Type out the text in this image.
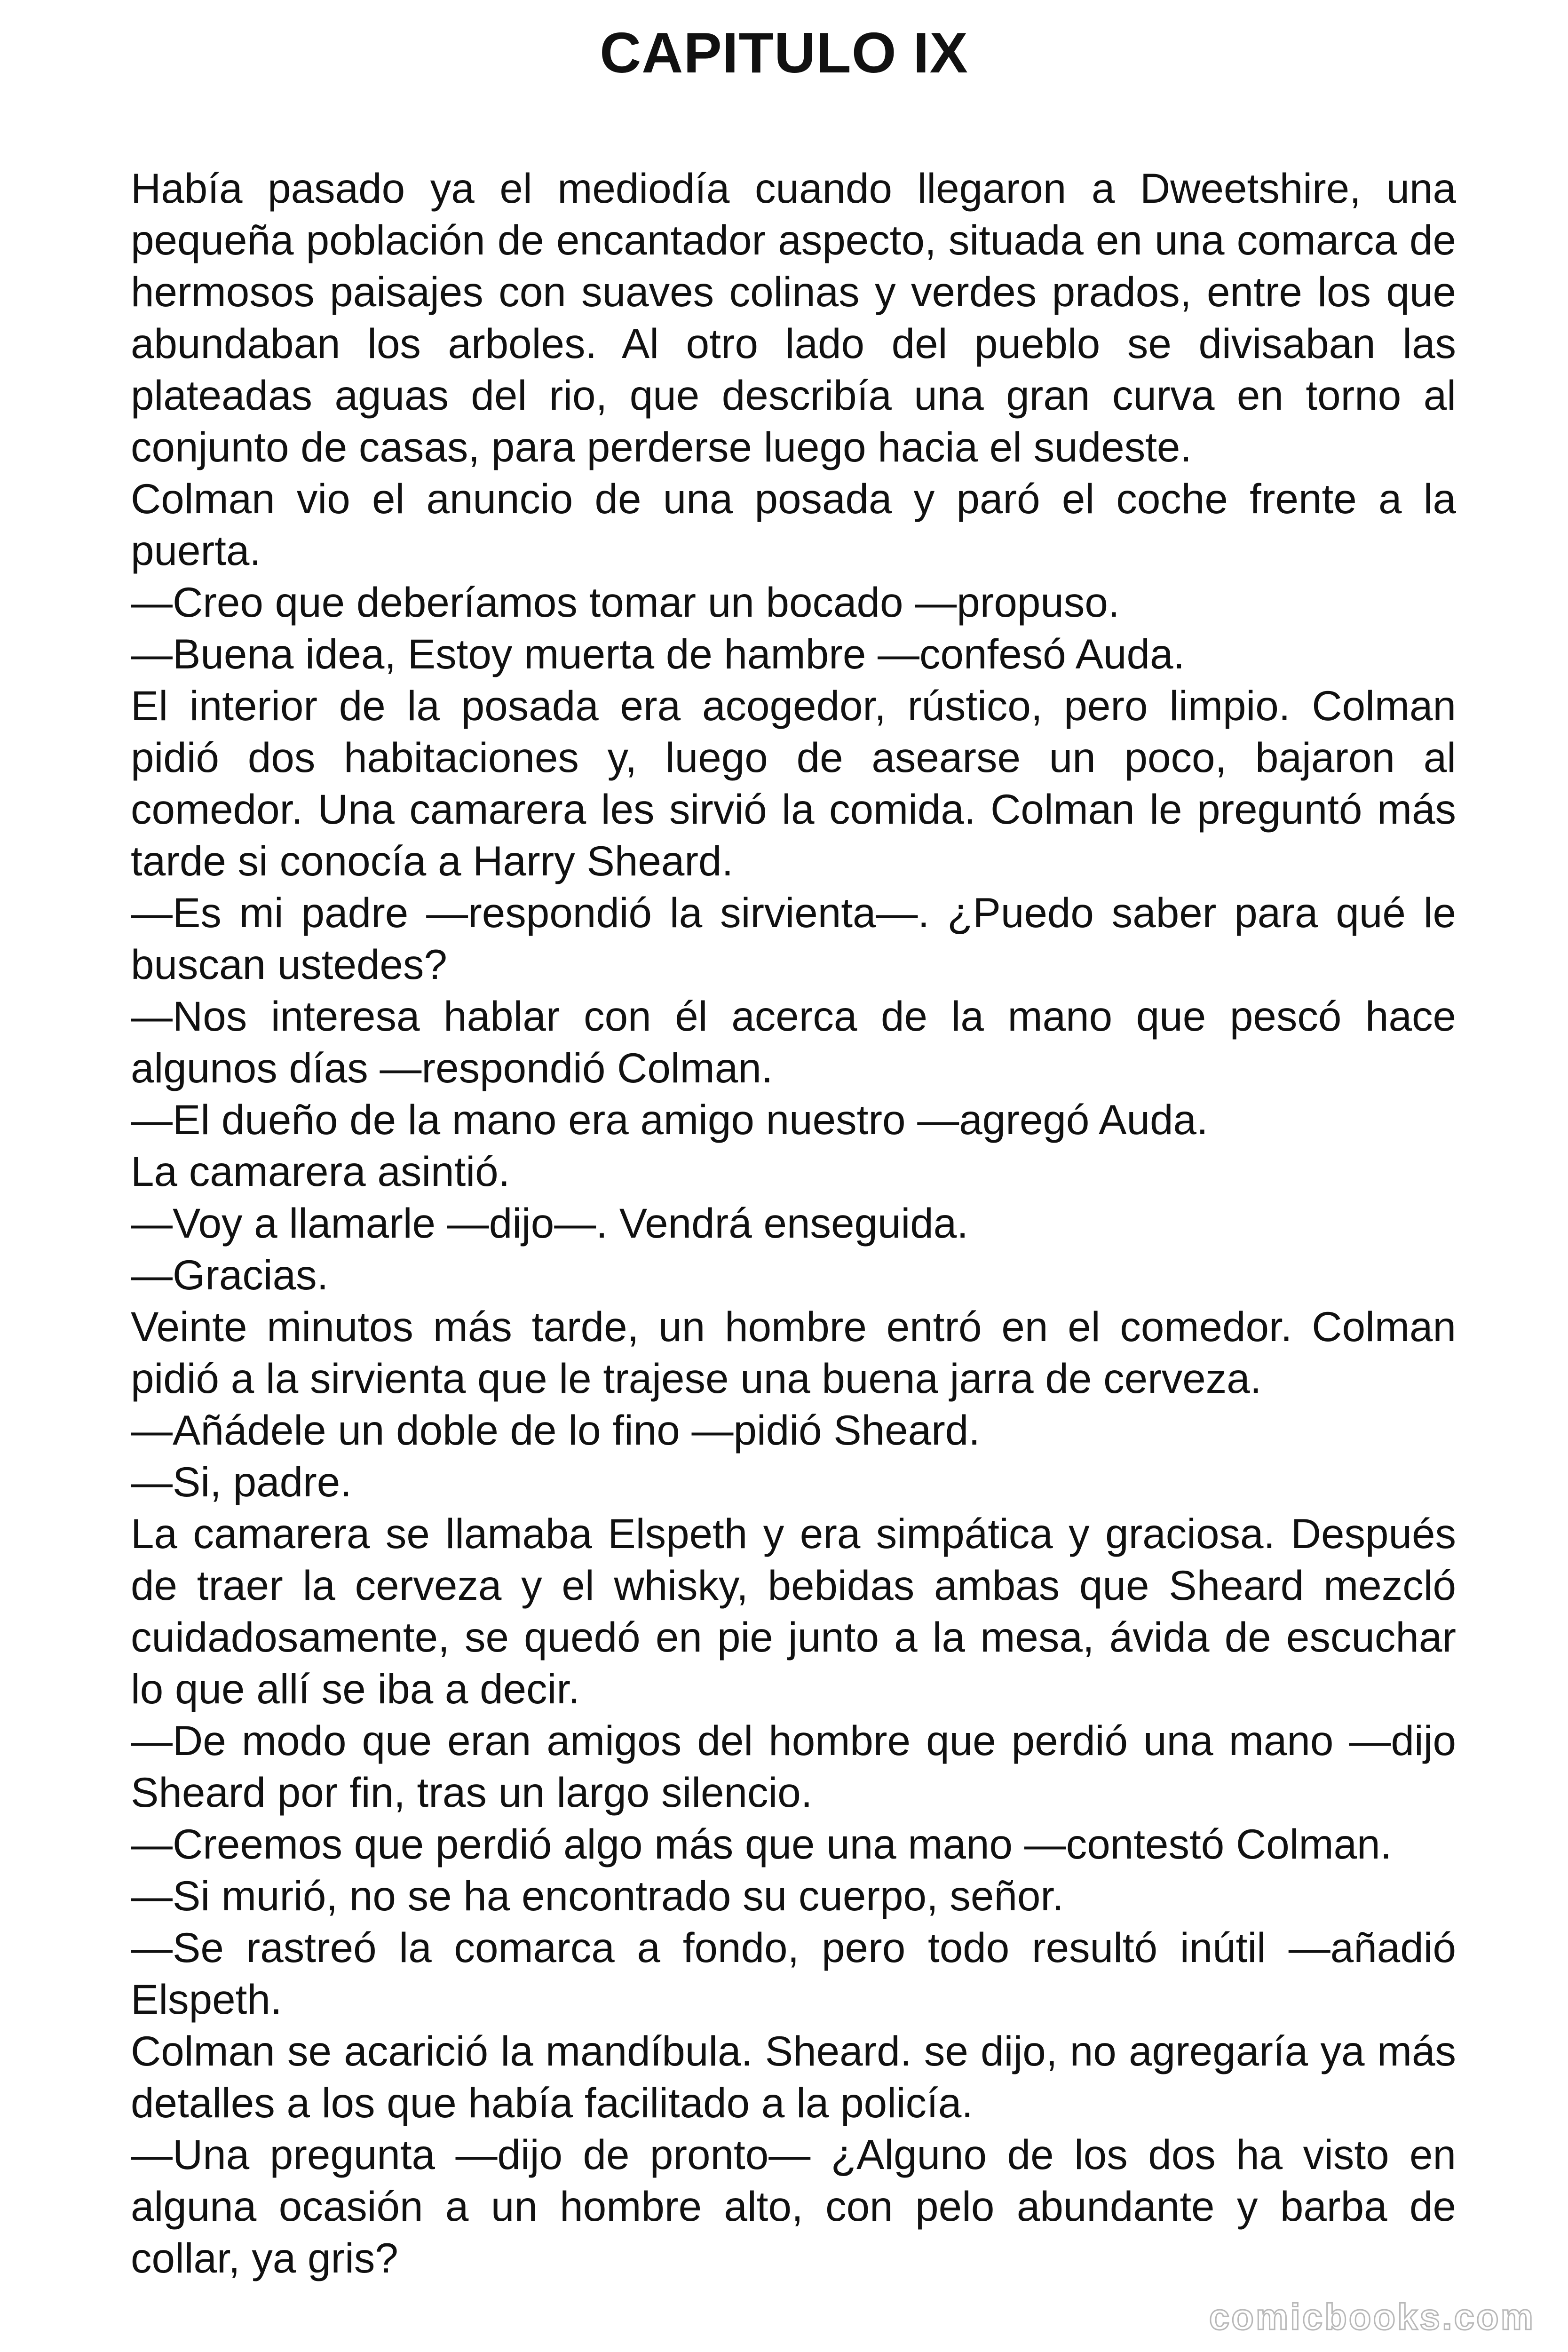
CAPITULO IX

Había pasado ya el mediodía cuando llegaron a Dweetshire, una pequeña población de encantador aspecto, situada en una comarca de hermosos paisajes con suaves colinas y verdes prados, entre los que abundaban los arboles. Al otro lado del pueblo se divisaban las plateadas aguas del rio, que describía una gran curva en torno al conjunto de casas, para perderse luego hacia el sudeste.

Colman vio el anuncio de una posada y paró el coche frente a la puerta.

—Creo que deberíamos tomar un bocado —propuso.

—Buena idea, Estoy muerta de hambre —confesó Auda.

El interior de la posada era acogedor, rústico, pero limpio. Colman pidió dos habitaciones y, luego de asearse un poco, bajaron al comedor. Una camarera les sirvió la comida. Colman le preguntó más tarde si conocía a Harry Sheard.

—Es mi padre —respondió la sirvienta—. ¿Puedo saber para qué le buscan ustedes?

—Nos interesa hablar con él acerca de la mano que pescó hace algunos días —respondió Colman.

—El dueño de la mano era amigo nuestro —agregó Auda.

La camarera asintió.

—Voy a llamarle —dijo—. Vendrá enseguida.

—Gracias.

Veinte minutos más tarde, un hombre entró en el comedor. Colman pidió a la sirvienta que le trajese una buena jarra de cerveza.

—Añádele un doble de lo fino —pidió Sheard.

—Si, padre.

La camarera se llamaba Elspeth y era simpática y graciosa. Después de traer la cerveza y el whisky, bebidas ambas que Sheard mezcló cuidadosamente, se quedó en pie junto a la mesa, ávida de escuchar lo que allí se iba a decir.

—De modo que eran amigos del hombre que perdió una mano —dijo Sheard por fin, tras un largo silencio.

—Creemos que perdió algo más que una mano —contestó Colman.

—Si murió, no se ha encontrado su cuerpo, señor.

—Se rastreó la comarca a fondo, pero todo resultó inútil —añadió Elspeth.

Colman se acarició la mandíbula. Sheard. se dijo, no agregaría ya más detalles a los que había facilitado a la policía.

—Una pregunta —dijo de pronto— ¿Alguno de los dos ha visto en alguna ocasión a un hombre alto, con pelo abundante y barba de collar, ya gris?

comicbooks.com
